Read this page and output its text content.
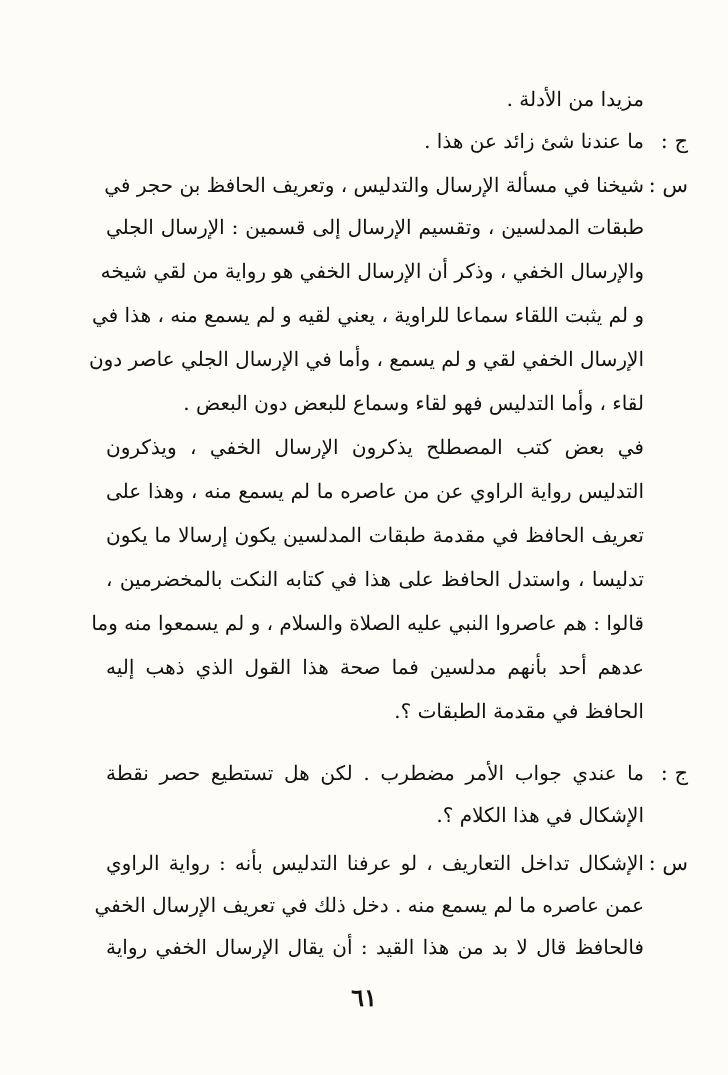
ج :
س :
ج :
س :
مزيدا من الأدلة .
ما عندنا شئ زائد عن هذا .
شيخنا في مسألة الإرسال والتدليس ، وتعريف الحافظ بن حجر في
طبقات المدلسين ، وتقسيم الإرسال إلى قسمين : الإرسال الجلي
والإرسال الخفي ، وذكر أن الإرسال الخفي هو رواية من لقي شيخه
و لم يثبت اللقاء سماعا للراوية ، يعني لقيه و لم يسمع منه ، هذا في
الإرسال الخفي لقي و لم يسمع ، وأما في الإرسال الجلي عاصر دون
لقاء ، وأما التدليس فهو لقاء وسماع للبعض دون البعض .
في بعض كتب المصطلح يذكرون الإرسال الخفي ، ويذكرون
التدليس رواية الراوي عن من عاصره ما لم يسمع منه ، وهذا على
تعريف الحافظ في مقدمة طبقات المدلسين يكون إرسالا ما يكون
تدليسا ، واستدل الحافظ على هذا في كتابه النكت بالمخضرمين ،
قالوا : هم عاصروا النبي عليه الصلاة والسلام ، و لم يسمعوا منه وما
عدهم أحد بأنهم مدلسين فما صحة هذا القول الذي ذهب إليه
الحافظ في مقدمة الطبقات ؟.
ما عندي جواب الأمر مضطرب . لكن هل تستطيع حصر نقطة
الإشكال في هذا الكلام ؟.
الإشكال تداخل التعاريف ، لو عرفنا التدليس بأنه : رواية الراوي
عمن عاصره ما لم يسمع منه . دخل ذلك في تعريف الإرسال الخفي
فالحافظ قال لا بد من هذا القيد : أن يقال الإرسال الخفي رواية
٦١
